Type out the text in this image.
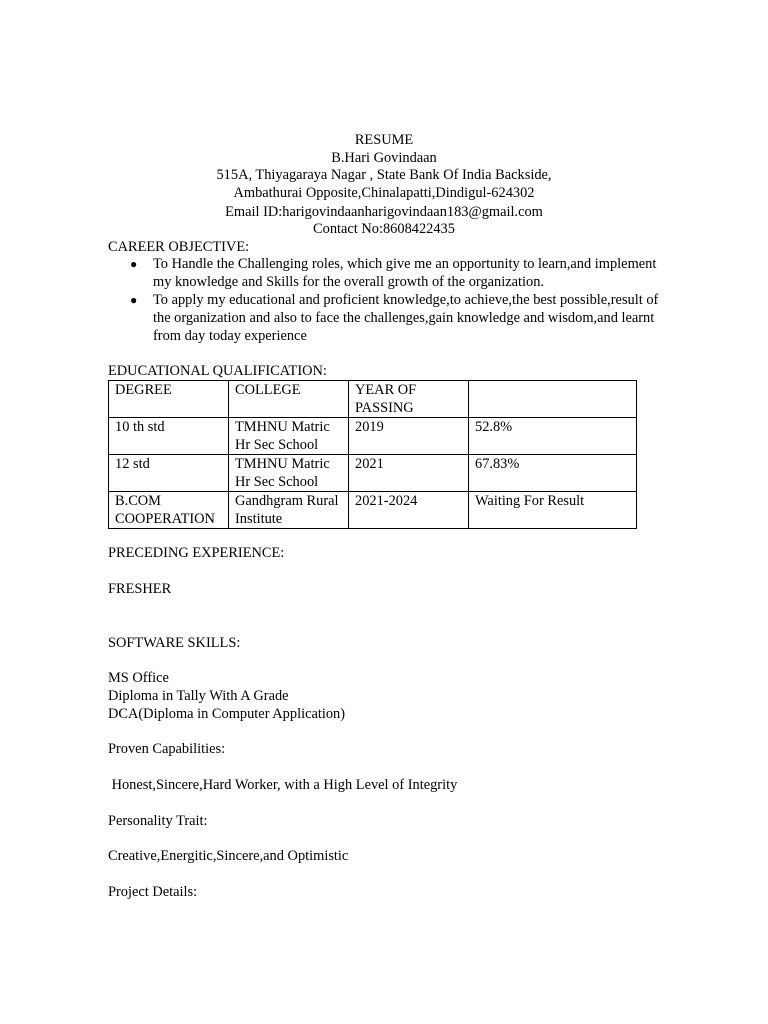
RESUME
B.Hari Govindaan
515A, Thiyagaraya Nagar , State Bank Of India Backside,
Ambathurai Opposite,Chinalapatti,Dindigul-624302
Email ID:harigovindaanharigovindaan183@gmail.com
Contact No:8608422435
CAREER OBJECTIVE:
● To Handle the Challenging roles, which give me an opportunity to learn,and implement my knowledge and Skills for the overall growth of the organization.
● To apply my educational and proficient knowledge,to achieve,the best possible,result of the organization and also to face the challenges,gain knowledge and wisdom,and learnt from day today experience
EDUCATIONAL QUALIFICATION:
DEGREE	COLLEGE	YEAR OF PASSING	
10 th std	TMHNU Matric Hr Sec School	2019	52.8%
12 std	TMHNU Matric Hr Sec School	2021	67.83%
B.COM COOPERATION	Gandhgram Rural Institute	2021-2024	Waiting For Result
PRECEDING EXPERIENCE:
FRESHER
SOFTWARE SKILLS:
MS Office
Diploma in Tally With A Grade
DCA(Diploma in Computer Application)
Proven Capabilities:
Honest,Sincere,Hard Worker, with a High Level of Integrity
Personality Trait:
Creative,Energitic,Sincere,and Optimistic
Project Details:
